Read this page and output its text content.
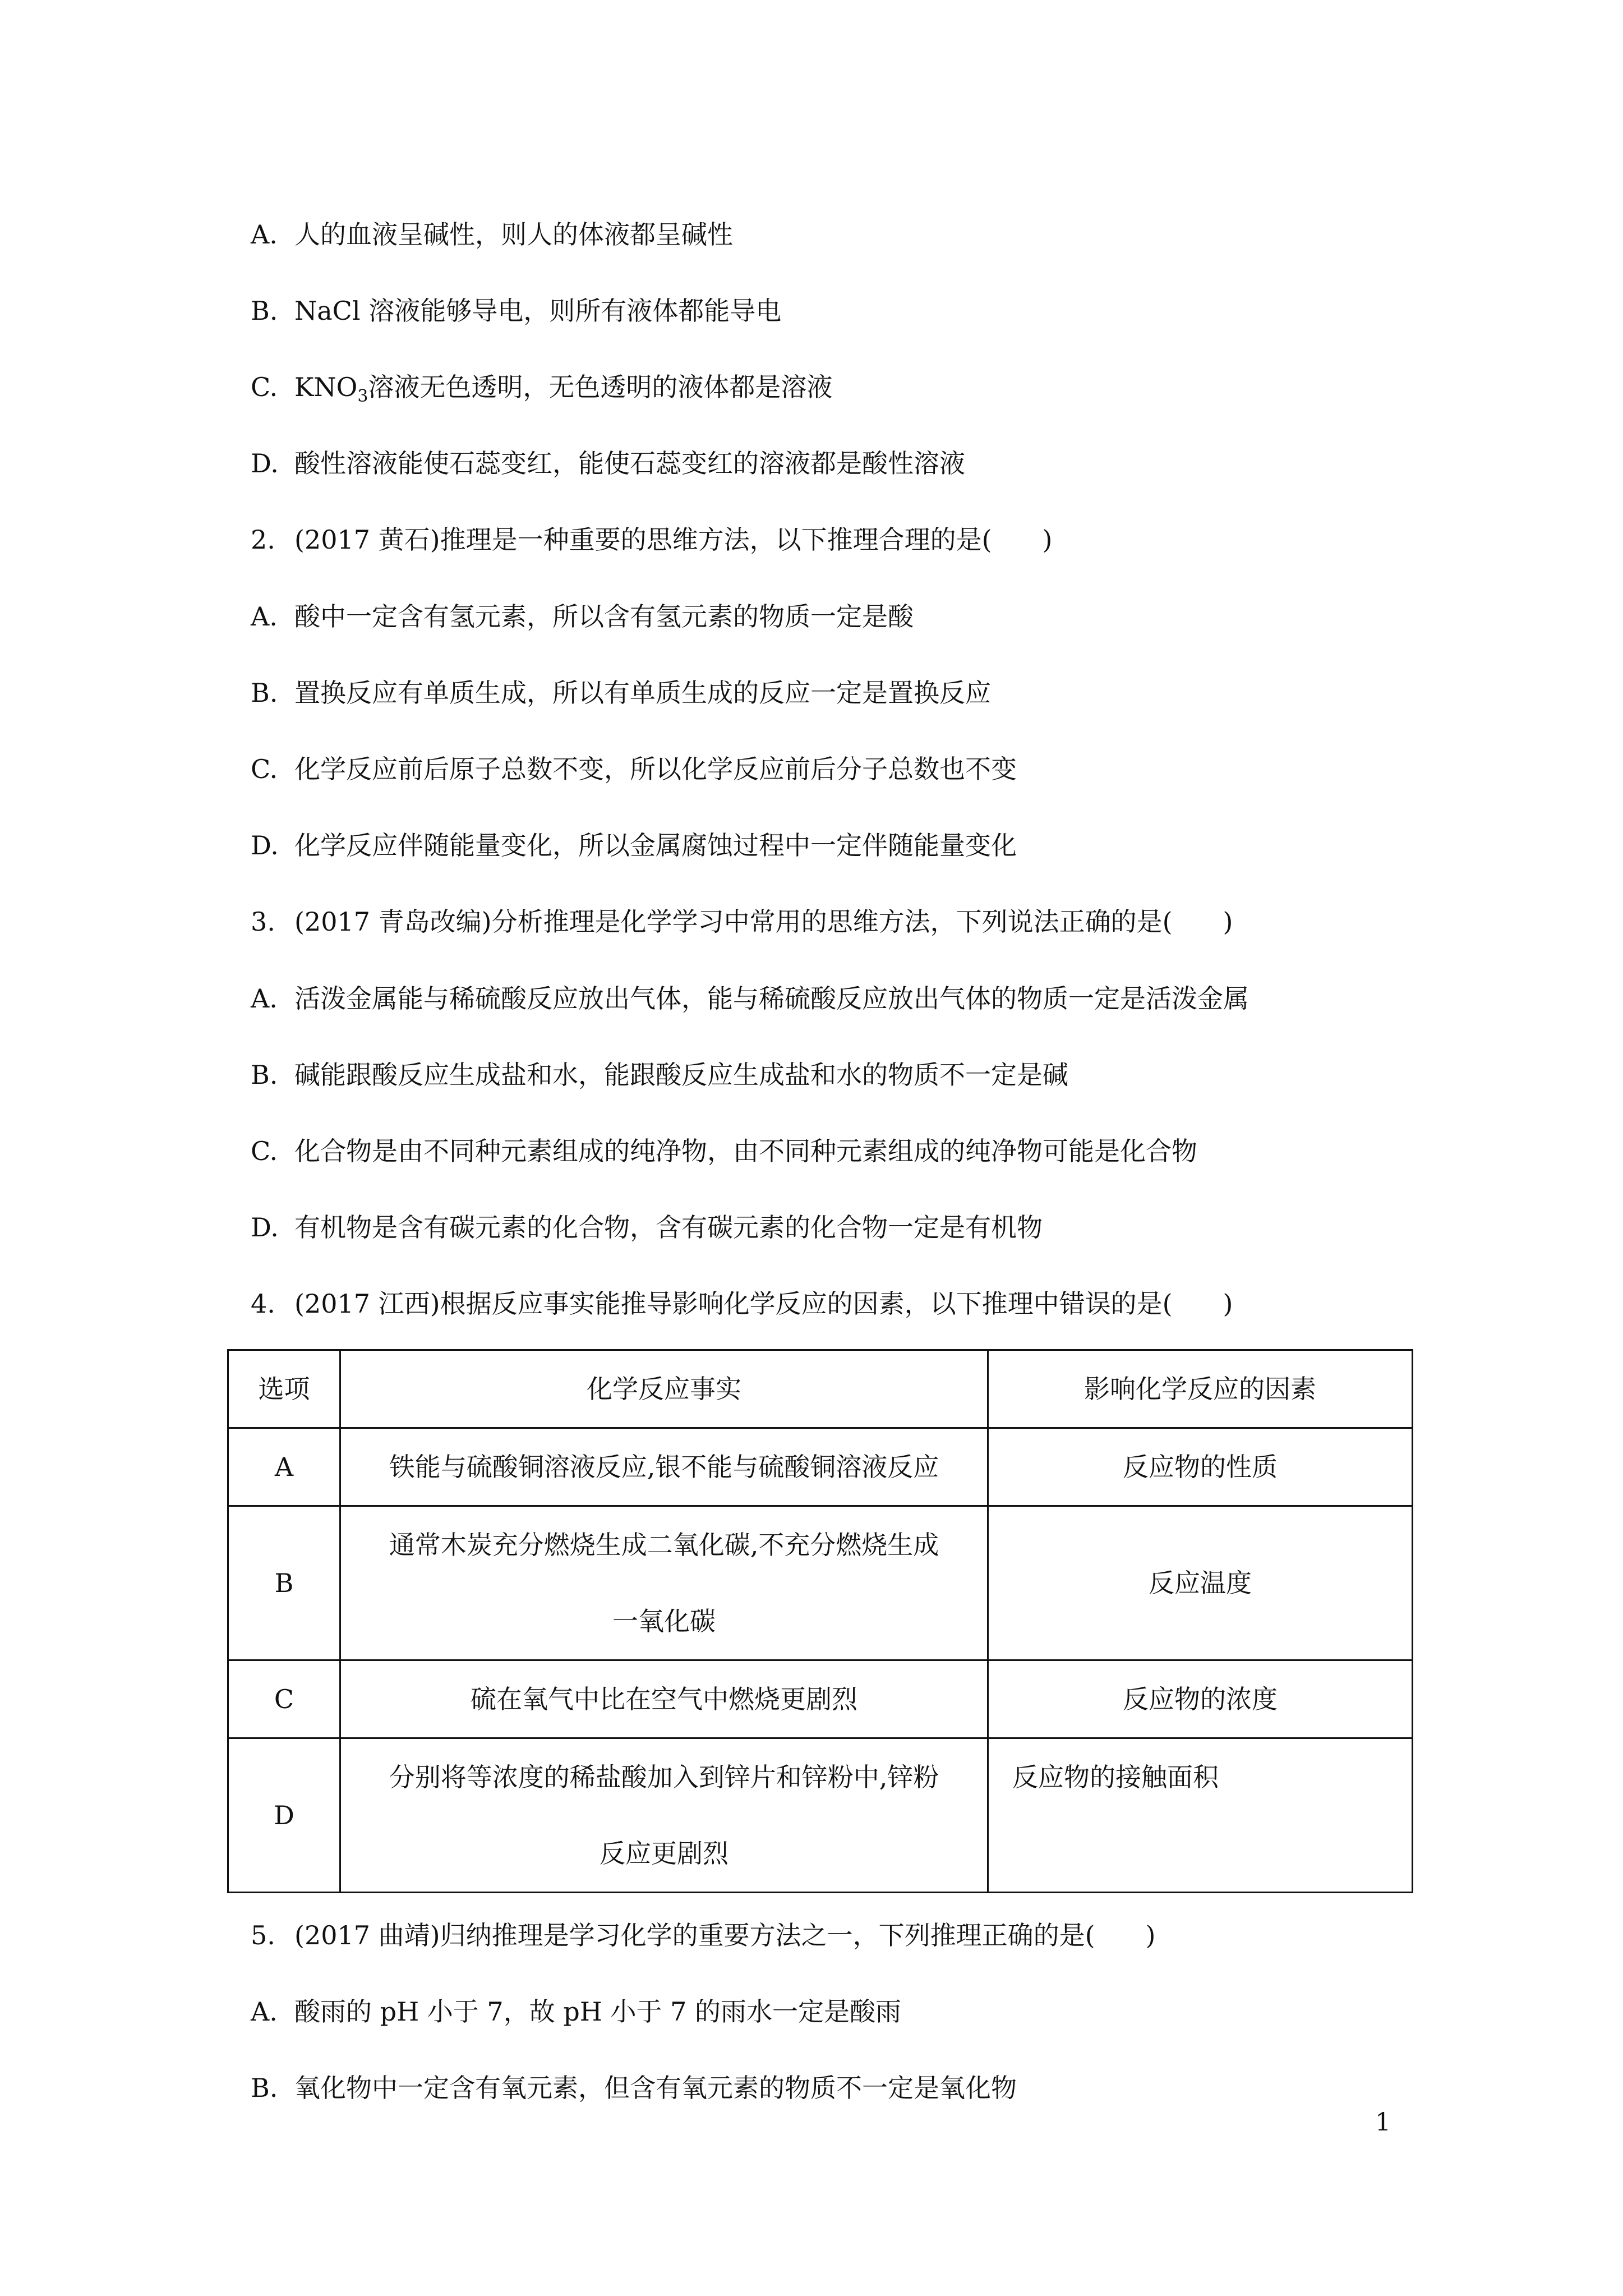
A. 人的血液呈碱性，则人的体液都呈碱性
B. NaCl 溶液能够导电，则所有液体都能导电
C. $KNO_3$溶液无色透明，无色透明的液体都是溶液
D. 酸性溶液能使石蕊变红，能使石蕊变红的溶液都是酸性溶液
2. (2017 黄石)推理是一种重要的思维方法，以下推理合理的是( )
A. 酸中一定含有氢元素，所以含有氢元素的物质一定是酸
B. 置换反应有单质生成，所以有单质生成的反应一定是置换反应
C. 化学反应前后原子总数不变，所以化学反应前后分子总数也不变
D. 化学反应伴随能量变化，所以金属腐蚀过程中一定伴随能量变化
3. (2017 青岛改编)分析推理是化学学习中常用的思维方法，下列说法正确的是( )
A. 活泼金属能与稀硫酸反应放出气体，能与稀硫酸反应放出气体的物质一定是活泼金属
B. 碱能跟酸反应生成盐和水，能跟酸反应生成盐和水的物质不一定是碱
C. 化合物是由不同种元素组成的纯净物，由不同种元素组成的纯净物可能是化合物
D. 有机物是含有碳元素的化合物，含有碳元素的化合物一定是有机物
4. (2017 江西)根据反应事实能推导影响化学反应的因素，以下推理中错误的是( )
选项	化学反应事实	影响化学反应的因素
A	铁能与硫酸铜溶液反应,银不能与硫酸铜溶液反应	反应物的性质
B	通常木炭充分燃烧生成二氧化碳,不充分燃烧生成
一氧化碳	反应温度
C	硫在氧气中比在空气中燃烧更剧烈	反应物的浓度
D	分别将等浓度的稀盐酸加入到锌片和锌粉中,锌粉
反应更剧烈	反应物的接触面积
5. (2017 曲靖)归纳推理是学习化学的重要方法之一，下列推理正确的是( )
A. 酸雨的 pH 小于 7，故 pH 小于 7 的雨水一定是酸雨
B. 氧化物中一定含有氧元素，但含有氧元素的物质不一定是氧化物
1
